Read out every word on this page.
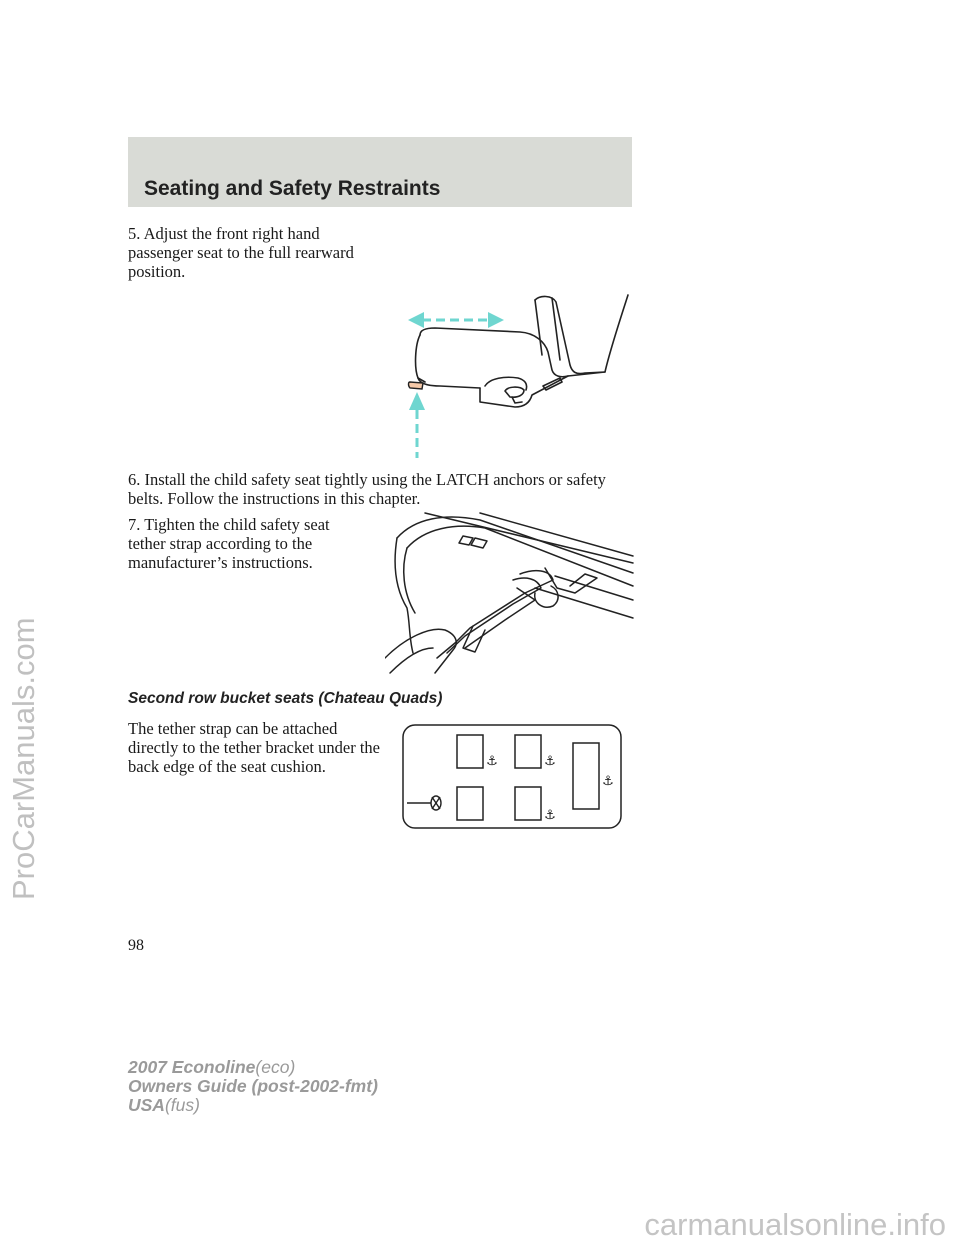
Seating and Safety Restraints

5. Adjust the front right hand passenger seat to the full rearward position.

6. Install the child safety seat tightly using the LATCH anchors or safety belts. Follow the instructions in this chapter.

7. Tighten the child safety seat tether strap according to the manufacturer’s instructions.

Second row bucket seats (Chateau Quads)

The tether strap can be attached directly to the tether bracket under the back edge of the seat cushion.	⚓	⚓
⚓
⚓

98

2007 Econoline(eco)
Owners Guide (post-2002-fmt)
USA(fus)
ProCarManuals.com
carmanualsonline.info
